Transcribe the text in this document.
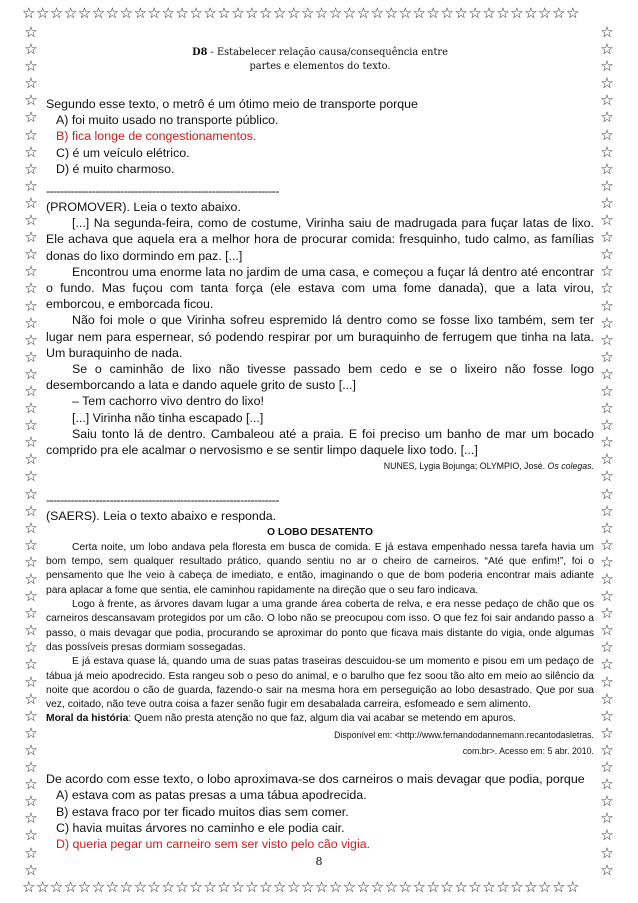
☆☆☆☆☆☆☆☆☆☆☆☆☆☆☆☆☆☆☆☆☆☆☆☆☆☆☆☆☆☆☆☆☆☆☆☆☆☆☆☆
☆
☆
☆
☆
☆
☆
☆
☆
☆
☆
☆
☆
☆
☆
☆
☆
☆
☆
☆
☆
☆
☆
☆
☆
☆
☆
☆
☆
☆
☆
☆
☆
☆
☆
☆
☆
☆
☆
☆
☆
☆
☆
☆
☆
☆
☆
☆
☆
☆
☆
☆
☆
☆
☆
☆
☆
☆
☆
☆
☆
☆
☆
☆
☆
☆
☆
☆
☆
☆
☆
☆
☆
☆
☆
☆
☆
☆
☆
☆
☆
☆
☆
☆
☆
☆
☆
☆
☆
☆
☆
☆
☆
☆
☆
☆
☆
☆
☆
☆
☆
☆☆☆☆☆☆☆☆☆☆☆☆☆☆☆☆☆☆☆☆☆☆☆☆☆☆☆☆☆☆☆☆☆☆☆☆☆☆☆☆
D8 - Estabelecer relação causa/consequência entre
partes e elementos do texto.

Segundo esse texto, o metrô é um ótimo meio de transporte porque

A) foi muito usado no transporte público.

B) fica longe de congestionamentos.

C) é um veículo elétrico.

D) é muito charmoso.

------------------------------------------------------------------

(PROMOVER). Leia o texto abaixo.

[...] Na segunda-feira, como de costume, Virinha saiu de madrugada para fuçar latas de lixo. Ele achava que aquela era a melhor hora de procurar comida: fresquinho, tudo calmo, as famílias donas do lixo dormindo em paz. [...]

Encontrou uma enorme lata no jardim de uma casa, e começou a fuçar lá dentro até encontrar o fundo. Mas fuçou com tanta força (ele estava com uma fome danada), que a lata virou, emborcou, e emborcada ficou.

Não foi mole o que Virinha sofreu espremido lá dentro como se fosse lixo também, sem ter lugar nem para espernear, só podendo respirar por um buraquinho de ferrugem que tinha na lata. Um buraquinho de nada.

Se o caminhão de lixo não tivesse passado bem cedo e se o lixeiro não fosse logo desemborcando a lata e dando aquele grito de susto [...]

– Tem cachorro vivo dentro do lixo!

[...] Virinha não tinha escapado [...]

Saiu tonto lá de dentro. Cambaleou até a praia. E foi preciso um banho de mar um bocado comprido pra ele acalmar o nervosismo e se sentir limpo daquele lixo todo. [...]

NUNES, Lygia Bojunga; OLYMPIO, José. Os colegas.

------------------------------------------------------------------

(SAERS). Leia o texto abaixo e responda.

O LOBO DESATENTO

Certa noite, um lobo andava pela floresta em busca de comida. E já estava empenhado nessa tarefa havia um bom tempo, sem qualquer resultado prático, quando sentiu no ar o cheiro de carneiros. “Até que enfim!”, foi o pensamento que lhe veio à cabeça de imediato, e então, imaginando o que de bom poderia encontrar mais adiante para aplacar a fome que sentia, ele caminhou rapidamente na direção que o seu faro indicava.

Logo à frente, as árvores davam lugar a uma grande área coberta de relva, e era nesse pedaço de chão que os carneiros descansavam protegidos por um cão. O lobo não se preocupou com isso. O que fez foi sair andando passo a passo, o mais devagar que podia, procurando se aproximar do ponto que ficava mais distante do vigia, onde algumas das possíveis presas dormiam sossegadas.

E já estava quase lá, quando uma de suas patas traseiras descuidou-se um momento e pisou em um pedaço de tábua já meio apodrecido. Esta rangeu sob o peso do animal, e o barulho que fez soou tão alto em meio ao silêncio da noite que acordou o cão de guarda, fazendo-o sair na mesma hora em perseguição ao lobo desastrado. Que por sua vez, coitado, não teve outra coisa a fazer senão fugir em desabalada carreira, esfomeado e sem alimento.

Moral da história: Quem não presta atenção no que faz, algum dia vai acabar se metendo em apuros.

Disponível em: <http://www.fernandodannemann.recantodasletras.

com.br>. Acesso em: 5 abr. 2010.

De acordo com esse texto, o lobo aproximava-se dos carneiros o mais devagar que podia, porque

A) estava com as patas presas a uma tábua apodrecida.

B) estava fraco por ter ficado muitos dias sem comer.

C) havia muitas árvores no caminho e ele podia cair.

D) queria pegar um carneiro sem ser visto pelo cão vigia.

8
